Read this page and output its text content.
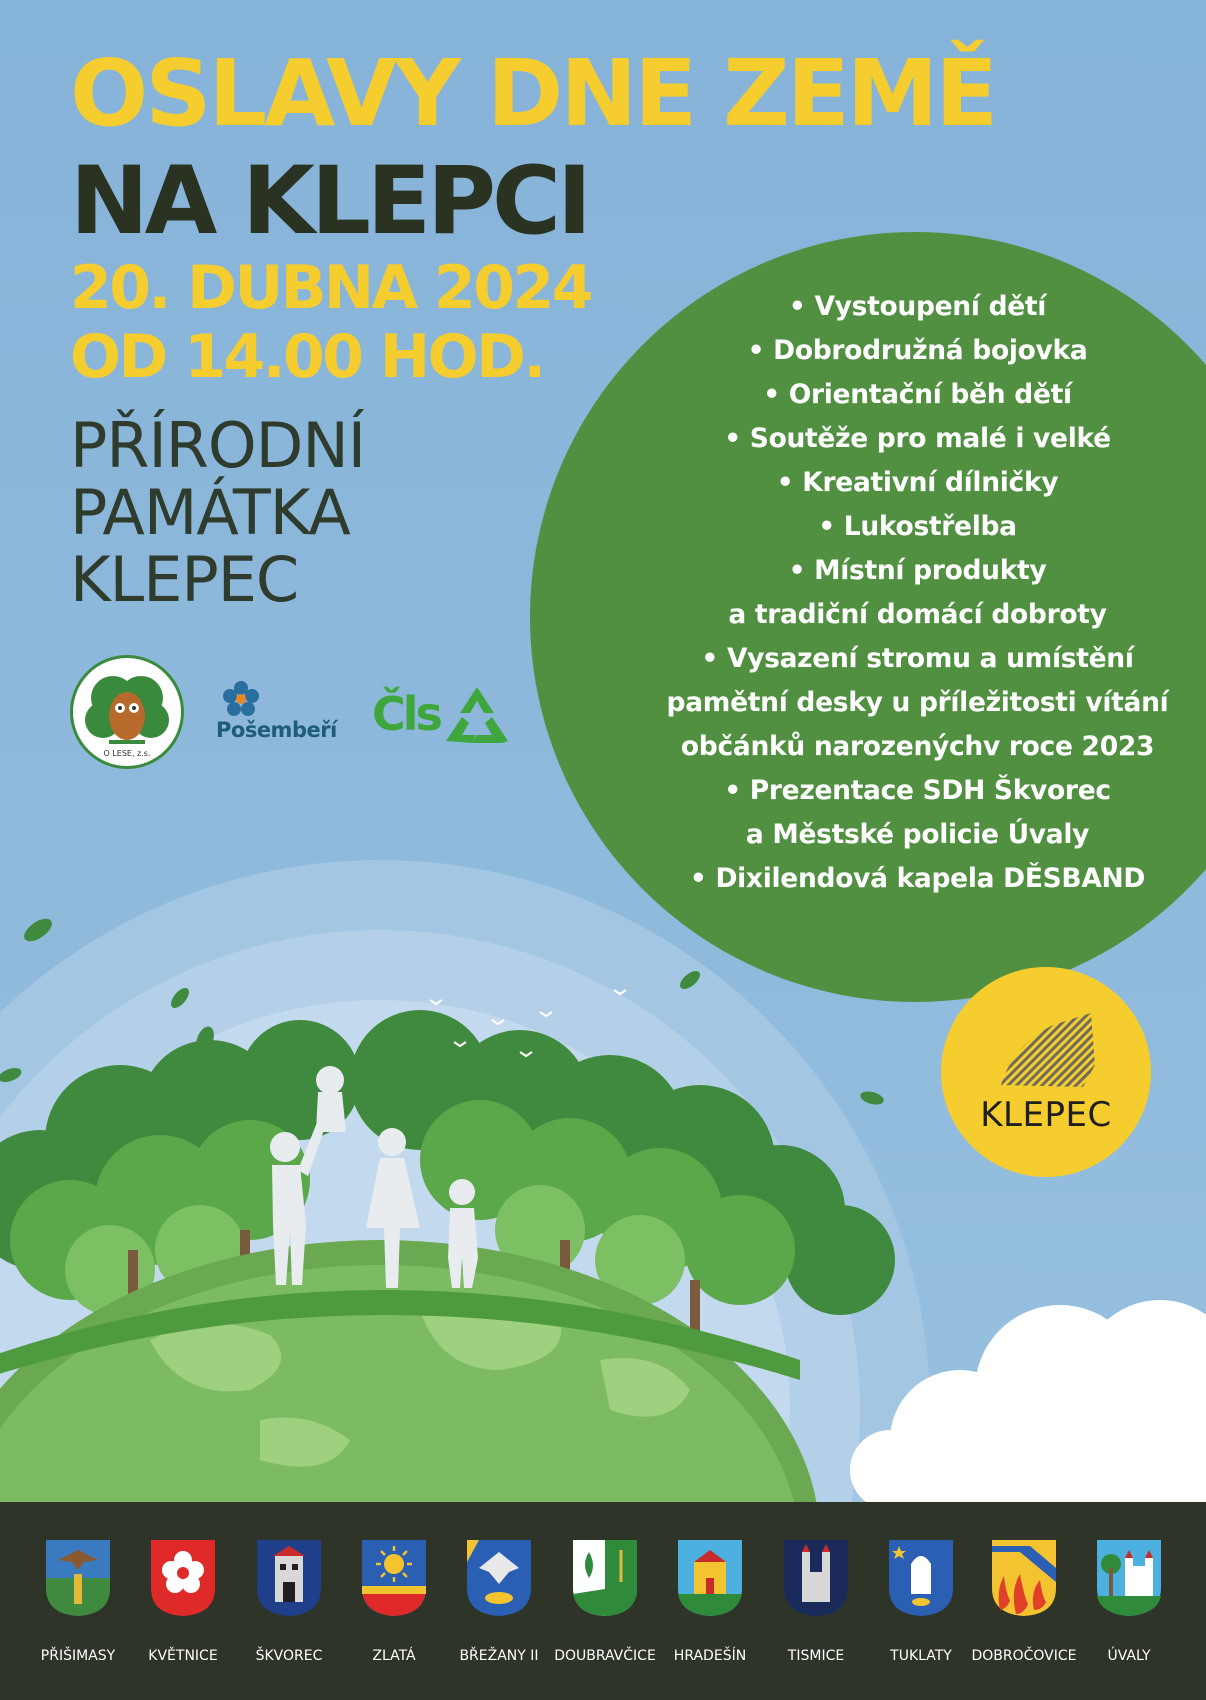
OSLAVY DNE ZEMĚ
NA KLEPCI
20. DUBNA 2024
OD 14.00 HOD.
PŘÍRODNÍ
PAMÁTKA
KLEPEC
O LESE, z.s.
Pošembeří Čls
• Vystoupení dětí
• Dobrodružná bojovka
• Orientační běh dětí
• Soutěže pro malé i velké
• Kreativní dílničky
• Lukostřelba
• Místní produkty
a tradiční domácí dobroty
• Vysazení stromu a umístění
pamětní desky u příležitosti vítání
občánků narozenýchv roce 2023
• Prezentace SDH Škvorec
a Městské policie Úvaly
• Dixilendová kapela DĚSBAND
KLEPEC
PŘIŠIMASY	KVĚTNICE	ŠKVOREC	ZLATÁ	BŘEŽANY II	DOUBRAVČICE	HRADEŠÍN	TISMICE	TUKLATY	DOBROČOVICE	ÚVALY
